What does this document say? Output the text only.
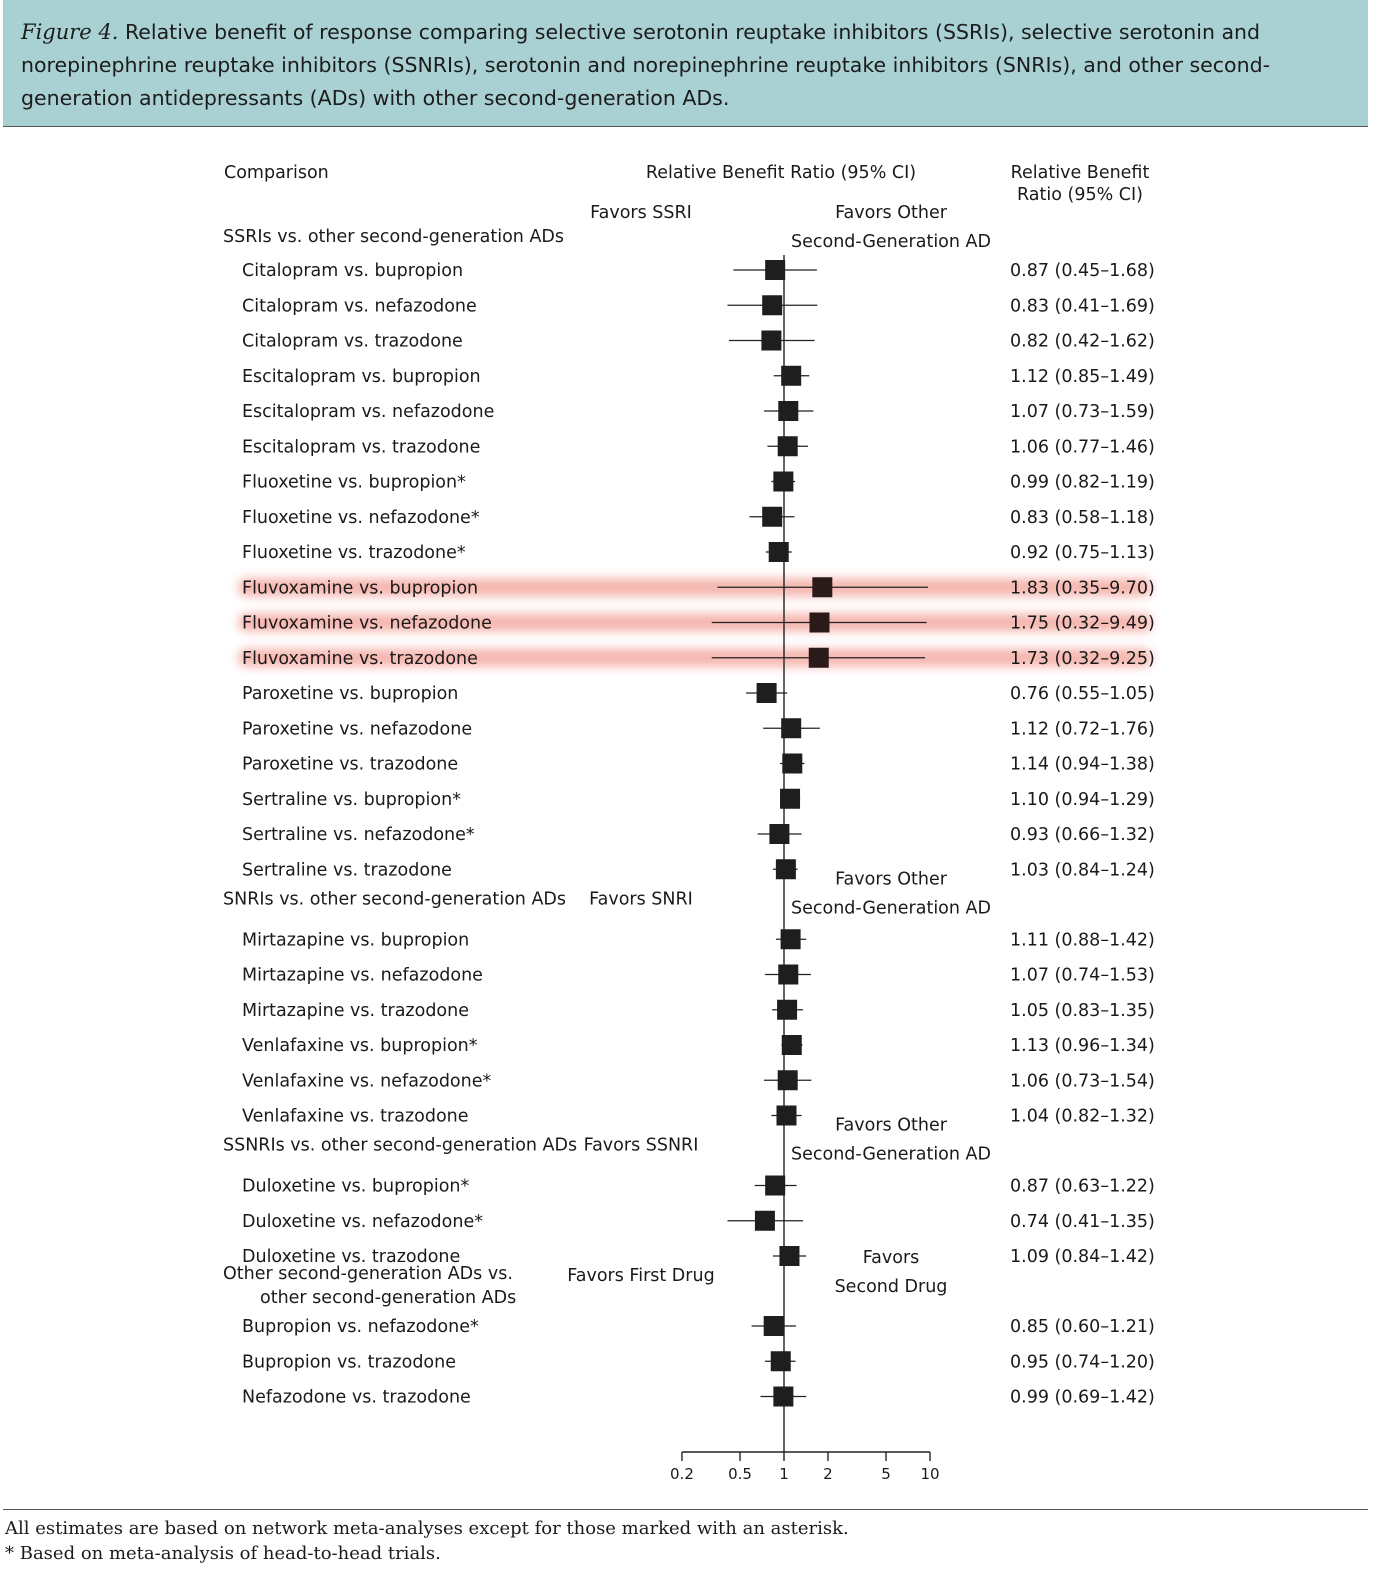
Figure 4. Relative benefit of response comparing selective serotonin reuptake inhibitors (SSRIs), selective serotonin and norepinephrine reuptake inhibitors (SSNRIs), serotonin and norepinephrine reuptake inhibitors (SNRIs), and other second-generation antidepressants (ADs) with other second-generation ADs.
Comparison	Relative Benefit Ratio (95% CI)	Relative Benefit
Ratio (95% CI)
SSRIs vs. other second-generation ADs
Favors SSRI	Favors Other
Second-Generation AD
SNRIs vs. other second-generation ADs Favors SNRI
Favors Other
Second-Generation AD
SSNRIs vs. other second-generation ADs Favors SSNRI
Favors Other
Second-Generation AD
Other second-generation ADs vs.
other second-generation ADs
Favors First Drug
Favors
Second Drug
0.2 0.5 1 2	5 10
Citalopram vs. bupropion	0.87 (0.45–1.68)
Citalopram vs. nefazodone	0.83 (0.41–1.69)
Citalopram vs. trazodone	0.82 (0.42–1.62)
Escitalopram vs. bupropion	1.12 (0.85–1.49)
Escitalopram vs. nefazodone	1.07 (0.73–1.59)
Escitalopram vs. trazodone	1.06 (0.77–1.46)
Fluoxetine vs. bupropion*	0.99 (0.82–1.19)
Fluoxetine vs. nefazodone*	0.83 (0.58–1.18)
Fluoxetine vs. trazodone*	0.92 (0.75–1.13)
Fluvoxamine vs. bupropion	1.83 (0.35–9.70)
Fluvoxamine vs. nefazodone	1.75 (0.32–9.49)
Fluvoxamine vs. trazodone	1.73 (0.32–9.25)
Paroxetine vs. bupropion	0.76 (0.55–1.05)
Paroxetine vs. nefazodone	1.12 (0.72–1.76)
Paroxetine vs. trazodone	1.14 (0.94–1.38)
Sertraline vs. bupropion*	1.10 (0.94–1.29)
Sertraline vs. nefazodone*	0.93 (0.66–1.32)
Sertraline vs. trazodone	1.03 (0.84–1.24)
Mirtazapine vs. bupropion	1.11 (0.88–1.42)
Mirtazapine vs. nefazodone	1.07 (0.74–1.53)
Mirtazapine vs. trazodone	1.05 (0.83–1.35)
Venlafaxine vs. bupropion*	1.13 (0.96–1.34)
Venlafaxine vs. nefazodone*	1.06 (0.73–1.54)
Venlafaxine vs. trazodone	1.04 (0.82–1.32)
Duloxetine vs. bupropion*	0.87 (0.63–1.22)
Duloxetine vs. nefazodone*	0.74 (0.41–1.35)
Duloxetine vs. trazodone	1.09 (0.84–1.42)
Bupropion vs. nefazodone*	0.85 (0.60–1.21)
Bupropion vs. trazodone	0.95 (0.74–1.20)
Nefazodone vs. trazodone	0.99 (0.69–1.42)
All estimates are based on network meta-analyses except for those marked with an asterisk.
* Based on meta-analysis of head-to-head trials.
